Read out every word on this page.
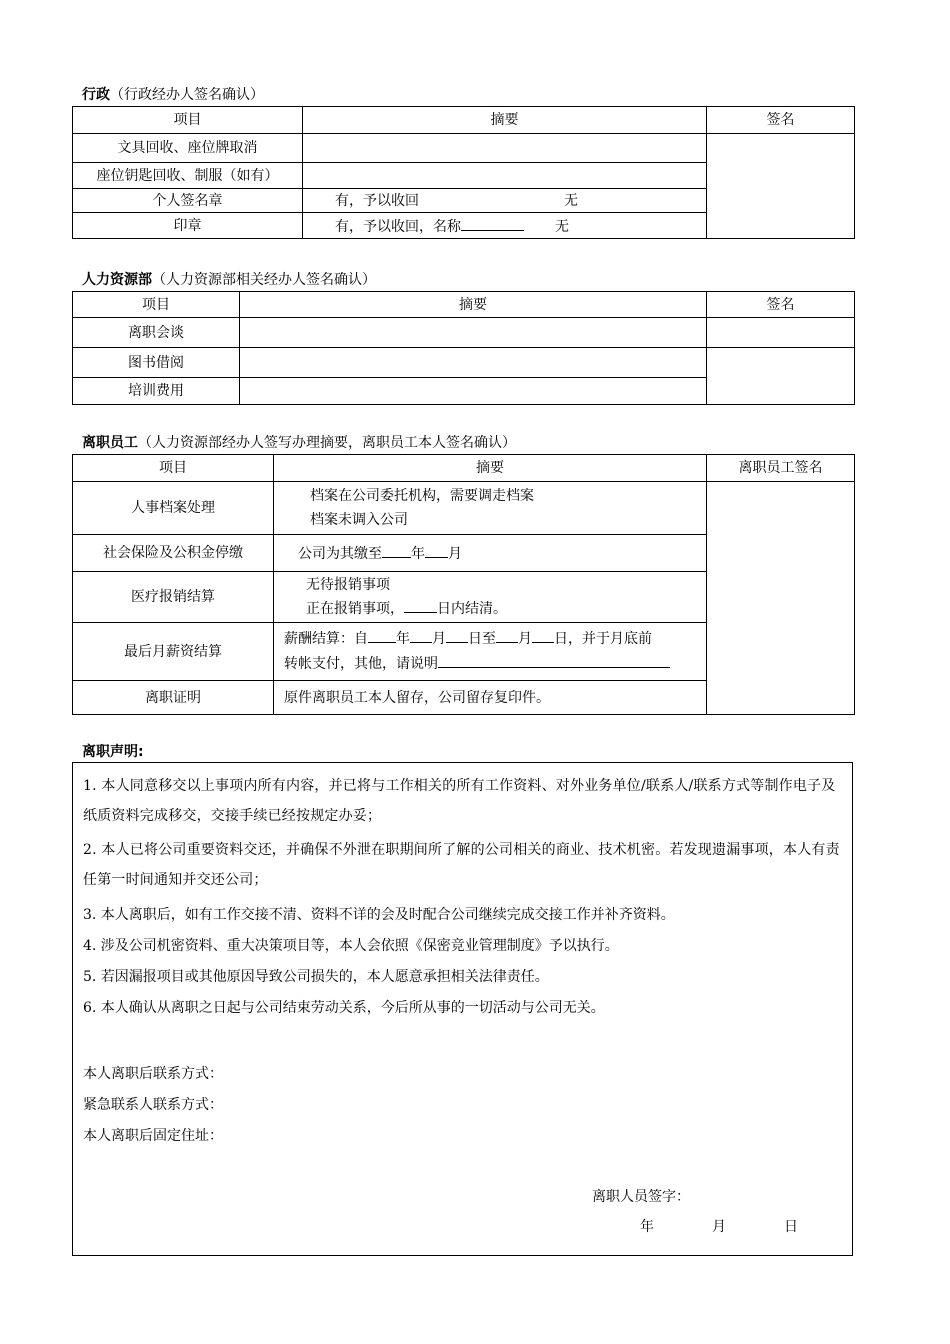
行政（行政经办人签名确认）
项目	摘要	签名
文具回收、座位牌取消		
座位钥匙回收、制服（如有）		
个人签名章	有，予以收回 无	
印章	有，予以收回，名称 无	
人力资源部（人力资源部相关经办人签名确认）
项目	摘要	签名
离职会谈		
图书借阅		
培训费用		
离职员工（人力资源部经办人签写办理摘要，离职员工本人签名确认）
项目	摘要	离职员工签名
人事档案处理	档案在公司委托机构，需要调走档案
档案未调入公司	

社会保险及公积金停缴	公司为其缴至 年 月	
医疗报销结算	无待报销事项
正在报销事项， 日内结清。	

最后月薪资结算	薪酬结算：自 年 月 日至 月 日，并于月底前
转帐支付，其他，请说明	

离职证明	原件离职员工本人留存，公司留存复印件。	
离职声明:

1. 本人同意移交以上事项内所有内容，并已将与工作相关的所有工作资料、对外业务单位/联系人/联系方式等制作电子及纸质资料完成移交，交接手续已经按规定办妥；

2. 本人已将公司重要资料交还，并确保不外泄在职期间所了解的公司相关的商业、技术机密。若发现遗漏事项，本人有责任第一时间通知并交还公司；

3. 本人离职后，如有工作交接不清、资料不详的会及时配合公司继续完成交接工作并补齐资料。

4. 涉及公司机密资料、重大决策项目等，本人会依照《保密竞业管理制度》予以执行。

5. 若因漏报项目或其他原因导致公司损失的，本人愿意承担相关法律责任。

6. 本人确认从离职之日起与公司结束劳动关系，今后所从事的一切活动与公司无关。

本人离职后联系方式：

紧急联系人联系方式：

本人离职后固定住址：

离职人员签字：
年	月	日
